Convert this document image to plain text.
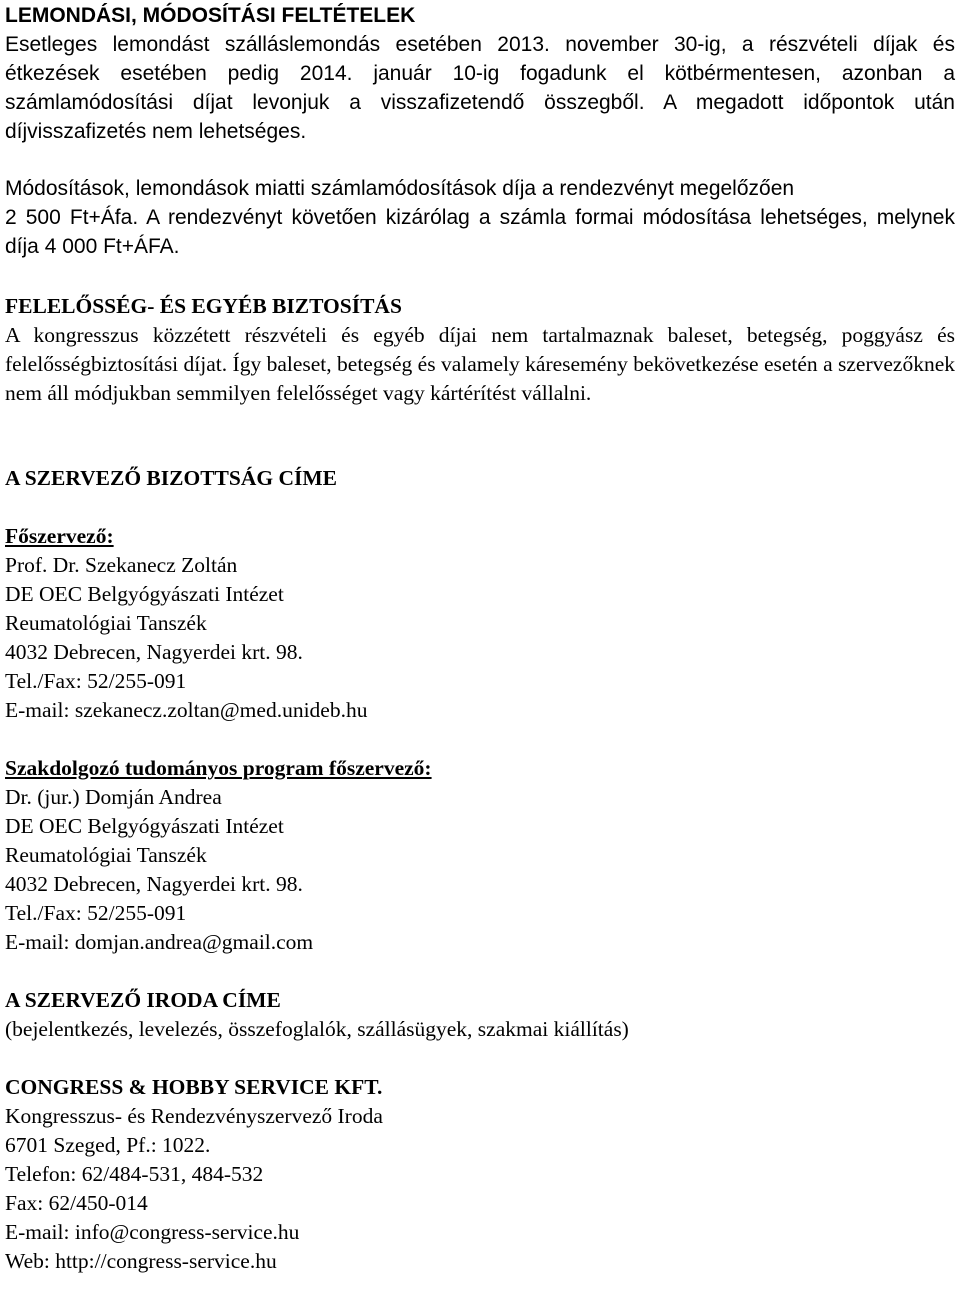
LEMONDÁSI, MÓDOSÍTÁSI FELTÉTELEK

Esetleges lemondást szálláslemondás esetében 2013. november 30-ig, a részvételi díjak és étkezések esetében pedig 2014. január 10-ig fogadunk el kötbérmentesen, azonban a számlamódosítási díjat levonjuk a visszafizetendő összegből. A megadott időpontok után díjvisszafizetés nem lehetséges.

Módosítások, lemondások miatti számlamódosítások díja a rendezvényt megelőzően

2 500 Ft+Áfa. A rendezvényt követően kizárólag a számla formai módosítása lehetséges, melynek díja 4 000 Ft+ÁFA.

FELELŐSSÉG- ÉS EGYÉB BIZTOSÍTÁS

A kongresszus közzétett részvételi és egyéb díjai nem tartalmaznak baleset, betegség, poggyász és felelősségbiztosítási díjat. Így baleset, betegség és valamely káresemény bekövetkezése esetén a szervezőknek nem áll módjukban semmilyen felelősséget vagy kártérítést vállalni.

A SZERVEZŐ BIZOTTSÁG CÍME
Főszervező:
Prof. Dr. Szekanecz Zoltán
DE OEC Belgyógyászati Intézet
Reumatológiai Tanszék
4032 Debrecen, Nagyerdei krt. 98.
Tel./Fax: 52/255-091
E-mail: szekanecz.zoltan@med.unideb.hu
Szakdolgozó tudományos program főszervező:
Dr. (jur.) Domján Andrea
DE OEC Belgyógyászati Intézet
Reumatológiai Tanszék
4032 Debrecen, Nagyerdei krt. 98.
Tel./Fax: 52/255-091
E-mail: domjan.andrea@gmail.com
A SZERVEZŐ IRODA CÍME
(bejelentkezés, levelezés, összefoglalók, szállásügyek, szakmai kiállítás)
CONGRESS & HOBBY SERVICE KFT.
Kongresszus- és Rendezvényszervező Iroda
6701 Szeged, Pf.: 1022.
Telefon: 62/484-531, 484-532
Fax: 62/450-014
E-mail: info@congress-service.hu
Web: http://congress-service.hu
